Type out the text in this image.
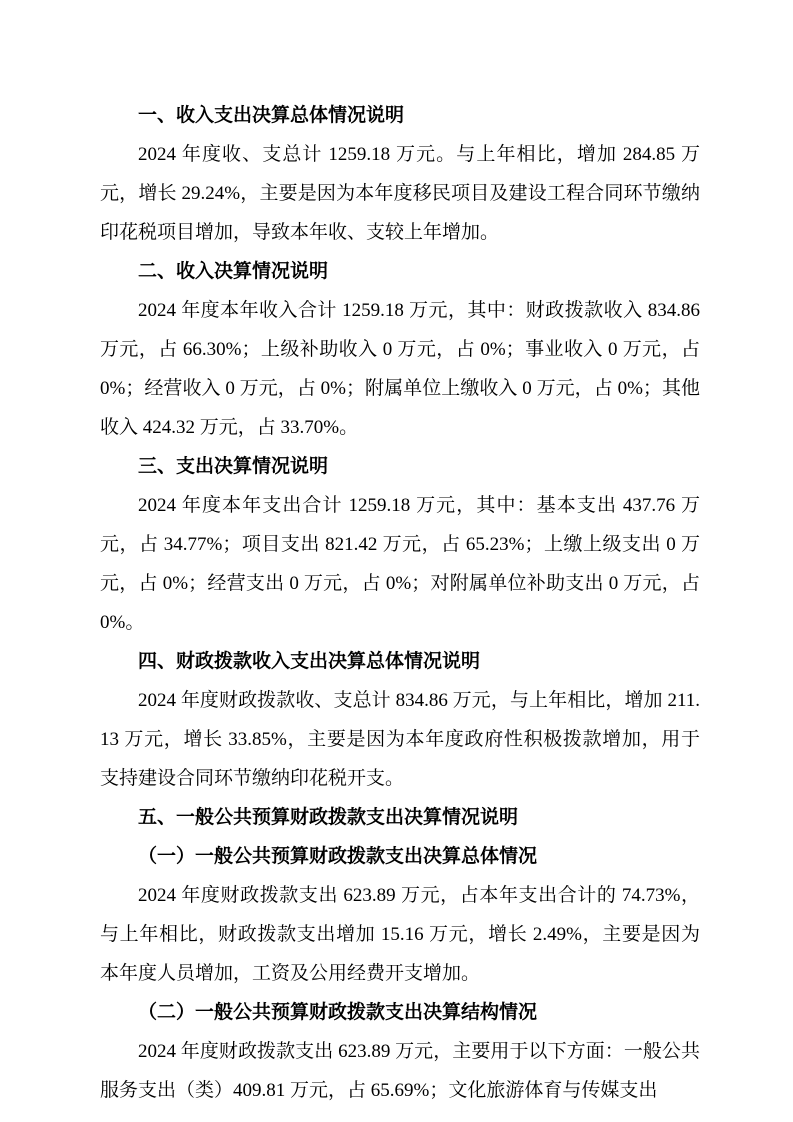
一、收入支出决算总体情况说明

2024 年度收、支总计 1259.18 万元。与上年相比，增加 284.85 万元，增长 29.24%，主要是因为本年度移民项目及建设工程合同环节缴纳印花税项目增加，导致本年收、支较上年增加。

二、收入决算情况说明

2024 年度本年收入合计 1259.18 万元，其中：财政拨款收入 834.86 万元，占 66.30%；上级补助收入 0 万元，占 0%；事业收入 0 万元，占 0%；经营收入 0 万元，占 0%；附属单位上缴收入 0 万元，占 0%；其他收入 424.32 万元，占 33.70%。

三、支出决算情况说明

2024 年度本年支出合计 1259.18 万元，其中：基本支出 437.76 万元，占 34.77%；项目支出 821.42 万元，占 65.23%；上缴上级支出 0 万元，占 0%；经营支出 0 万元，占 0%；对附属单位补助支出 0 万元，占 0%。

四、财政拨款收入支出决算总体情况说明

2024 年度财政拨款收、支总计 834.86 万元，与上年相比，增加 211.13 万元，增长 33.85%，主要是因为本年度政府性积极拨款增加，用于支持建设合同环节缴纳印花税开支。

五、一般公共预算财政拨款支出决算情况说明

（一）一般公共预算财政拨款支出决算总体情况

2024 年度财政拨款支出 623.89 万元，占本年支出合计的 74.73%，与上年相比，财政拨款支出增加 15.16 万元，增长 2.49%，主要是因为本年度人员增加，工资及公用经费开支增加。

（二）一般公共预算财政拨款支出决算结构情况

2024 年度财政拨款支出 623.89 万元，主要用于以下方面：一般公共服务支出（类）409.81 万元，占 65.69%；文化旅游体育与传媒支出
